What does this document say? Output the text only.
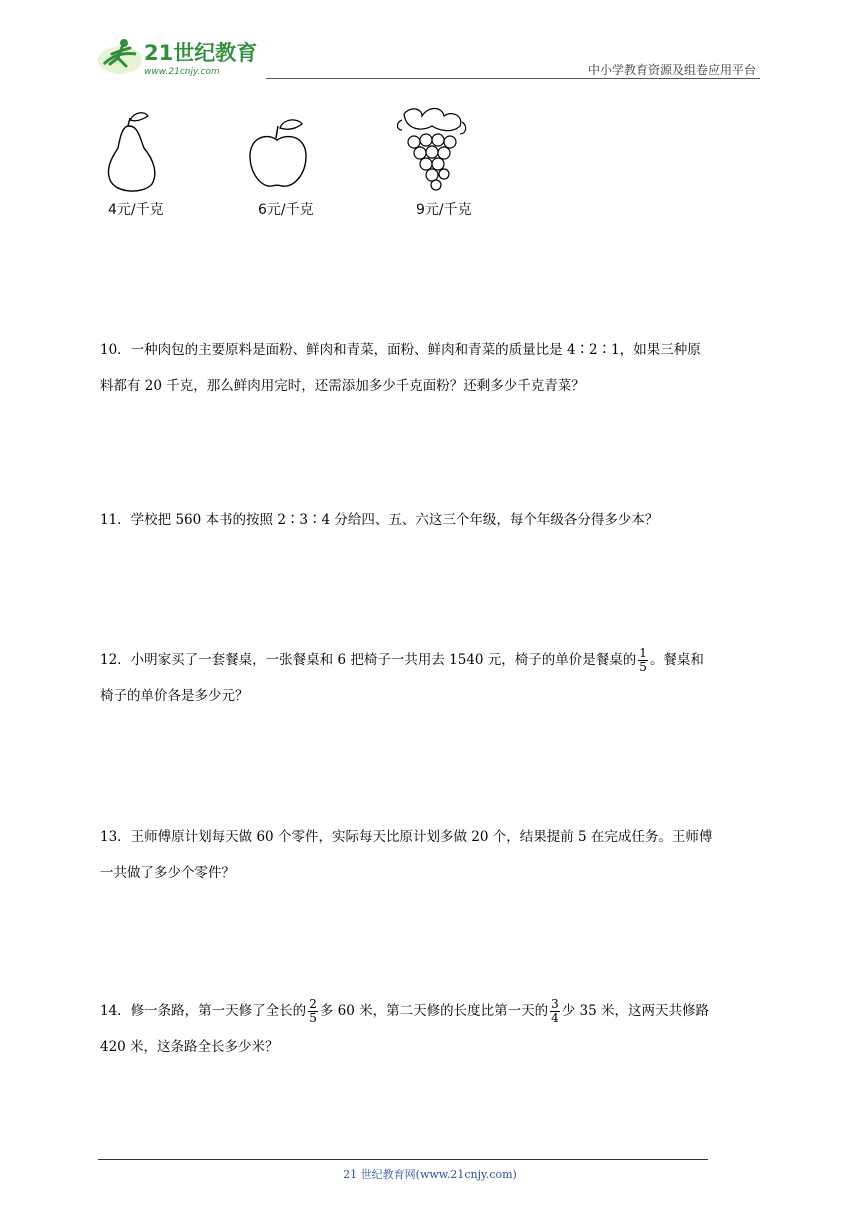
21世纪教育
www.21cnjy.com	中小学教育资源及组卷应用平台
4元/千克	6元/千克	9元/千克
10．一种肉包的主要原料是面粉、鲜肉和青菜，面粉、鲜肉和青菜的质量比是 4∶2∶1，如果三种原
料都有 20 千克，那么鲜肉用完时，还需添加多少千克面粉？还剩多少千克青菜？
11．学校把 560 本书的按照 2∶3∶4 分给四、五、六这三个年级，每个年级各分得多少本？
12．小明家买了一套餐桌，一张餐桌和 6 把椅子一共用去 1540 元，椅子的单价是餐桌的 $\frac{1}{5}$ 。餐桌和
椅子的单价各是多少元？
13．王师傅原计划每天做 60 个零件，实际每天比原计划多做 20 个，结果提前 5 在完成任务。王师傅
一共做了多少个零件？
14．修一条路，第一天修了全长的 $\frac{2}{5}$ 多 60 米，第二天修的长度比第一天的 $\frac{3}{4}$ 少 35 米，这两天共修路
420 米，这条路全长多少米？
21 世纪教育网(www.21cnjy.com)
